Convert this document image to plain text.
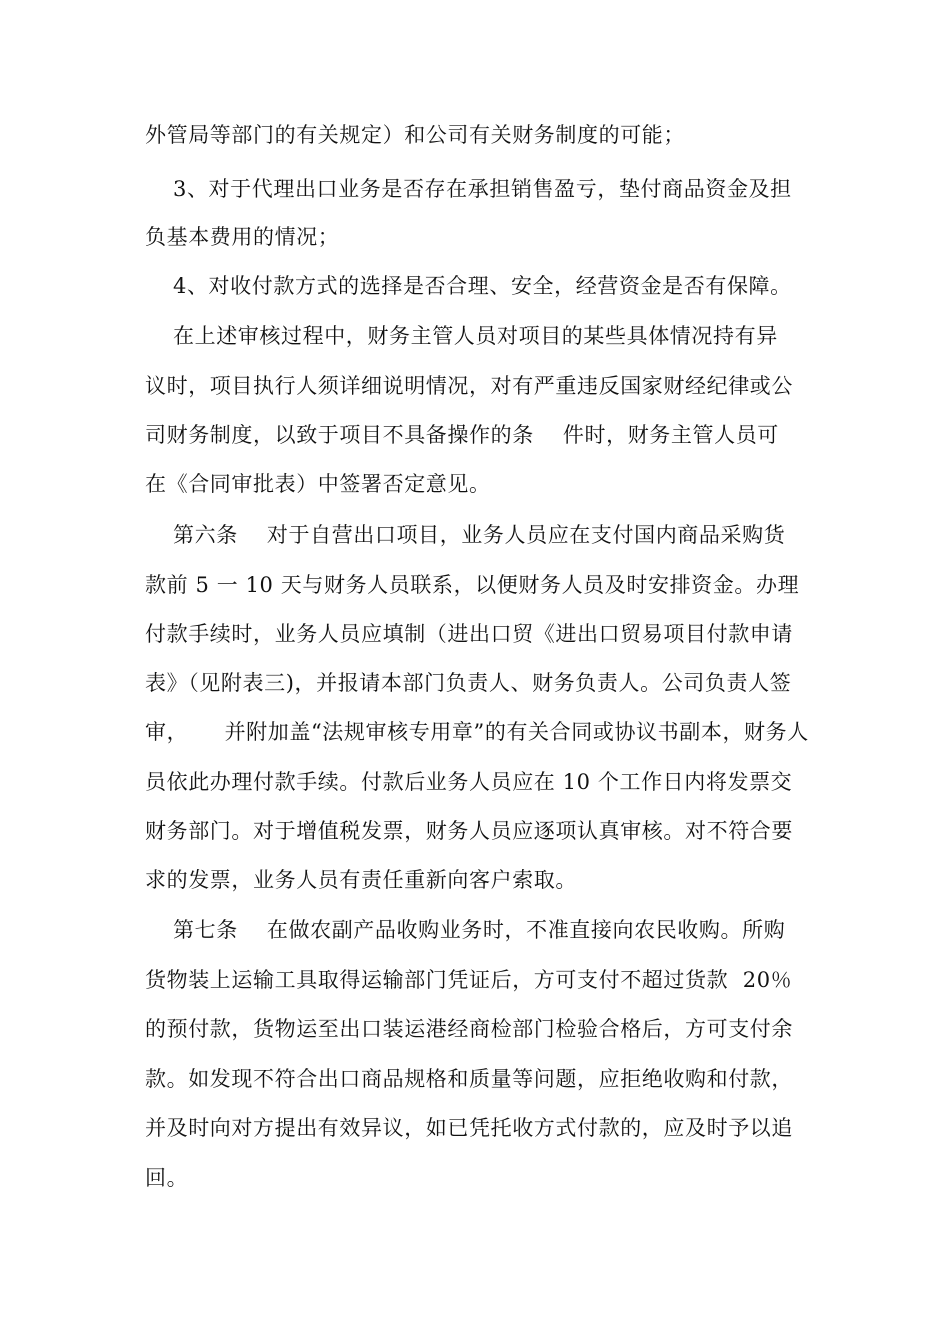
外管局等部门的有关规定）和公司有关财务制度的可能；
3、对于代理出口业务是否存在承担销售盈亏，垫付商品资金及担
负基本费用的情况；
4、对收付款方式的选择是否合理、安全，经营资金是否有保障。
在上述审核过程中，财务主管人员对项目的某些具体情况持有异
议时，项目执行人须详细说明情况，对有严重违反国家财经纪律或公
司财务制度，以致于项目不具备操作的条    件时，财务主管人员可
在《合同审批表）中签署否定意见。
第六条    对于自营出口项目，业务人员应在支付国内商品采购货
款前 5 一 10 天与财务人员联系，以便财务人员及时安排资金。办理
付款手续时，业务人员应填制（进出口贸《进出口贸易项目付款申请
表》（见附表三)，并报请本部门负责人、财务负责人。公司负责人签
审，     并附加盖“法规审核专用章”的有关合同或协议书副本，财务人
员依此办理付款手续。付款后业务人员应在 10 个工作日内将发票交
财务部门。对于增值税发票，财务人员应逐项认真审核。对不符合要
求的发票，业务人员有责任重新向客户索取。
第七条    在做农副产品收购业务时，不准直接向农民收购。所购
货物装上运输工具取得运输部门凭证后，方可支付不超过货款  20％
的预付款，货物运至出口装运港经商检部门检验合格后，方可支付余
款。如发现不符合出口商品规格和质量等问题，应拒绝收购和付款，
并及时向对方提出有效异议，如已凭托收方式付款的，应及时予以追
回。
